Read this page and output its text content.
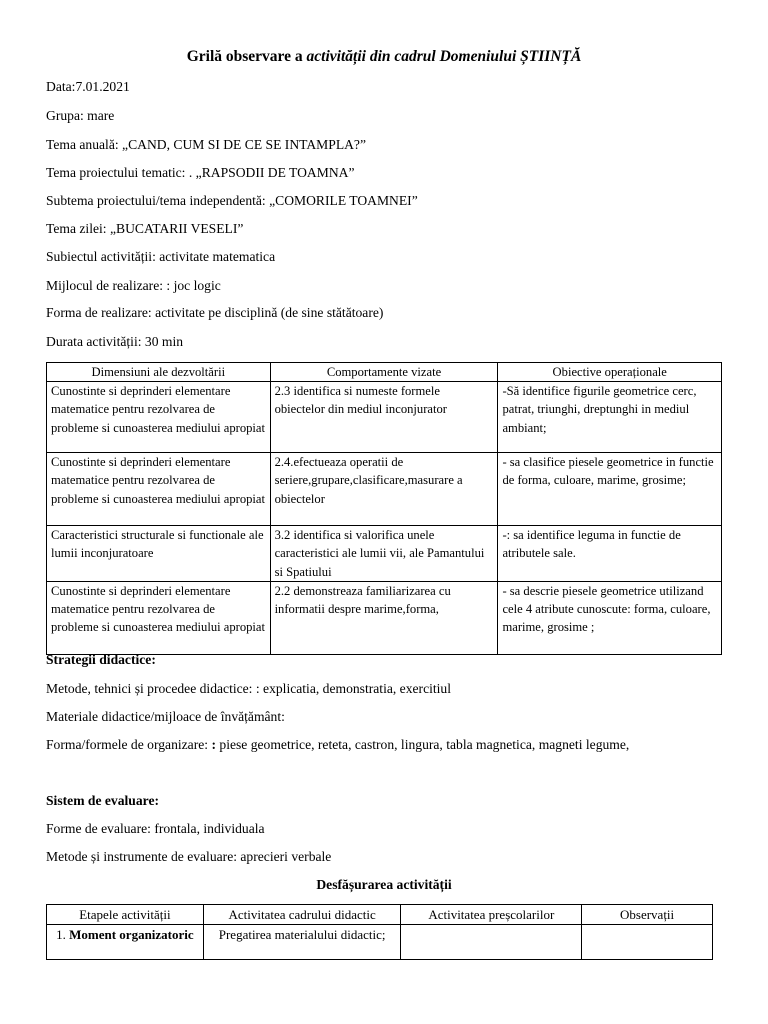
Grilă observare a activității din cadrul Domeniului ȘTIINȚĂ
Data:7.01.2021
Grupa: mare
Tema anuală: „CAND, CUM SI DE CE SE INTAMPLA?”
Tema proiectului tematic: . „RAPSODII DE TOAMNA”
Subtema proiectului/tema independentă: „COMORILE TOAMNEI”
Tema zilei: „BUCATARII VESELI”
Subiectul activității: activitate matematica
Mijlocul de realizare: : joc logic
Forma de realizare: activitate pe disciplină (de sine stătătoare)
Durata activității: 30 min
Dimensiuni ale dezvoltării	Comportamente vizate	Obiective operaționale
Cunostinte si deprinderi elementare matematice pentru rezolvarea de probleme si cunoasterea mediului apropiat	2.3 identifica si numeste formele obiectelor din mediul inconjurator	-Să identifice figurile geometrice cerc, patrat, triunghi, dreptunghi in mediul ambiant;
Cunostinte si deprinderi elementare matematice pentru rezolvarea de probleme si cunoasterea mediului apropiat	2.4.efectueaza operatii de seriere,grupare,clasificare,masurare a obiectelor	- sa clasifice piesele geometrice in functie de forma, culoare, marime, grosime;
Caracteristici structurale si functionale ale lumii inconjuratoare	3.2 identifica si valorifica unele caracteristici ale lumii vii, ale Pamantului si Spatiului	-: sa identifice leguma in functie de atributele sale.
Cunostinte si deprinderi elementare matematice pentru rezolvarea de probleme si cunoasterea mediului apropiat	2.2 demonstreaza familiarizarea cu informatii despre marime,forma,	- sa descrie piesele geometrice utilizand cele 4 atribute cunoscute: forma, culoare, marime, grosime ;
Strategii didactice:
Metode, tehnici și procedee didactice: : explicatia, demonstratia, exercitiul
Materiale didactice/mijloace de învățământ:
Forma/formele de organizare: : piese geometrice, reteta, castron, lingura, tabla magnetica, magneti legume,
Sistem de evaluare:
Forme de evaluare: frontala, individuala
Metode și instrumente de evaluare: aprecieri verbale
Desfășurarea activității
Etapele activității	Activitatea cadrului didactic	Activitatea preșcolarilor	Observații
1. Moment organizatoric	Pregatirea materialului didactic;		
